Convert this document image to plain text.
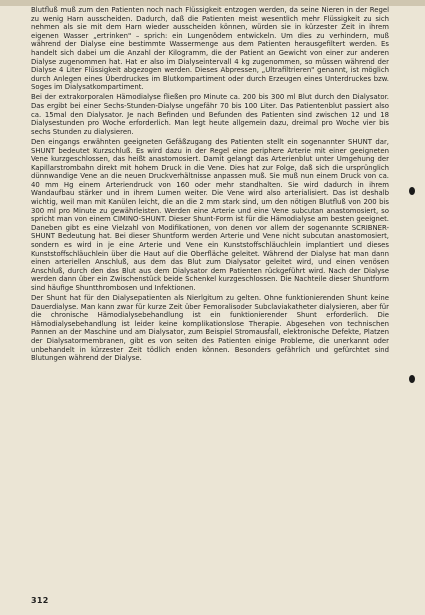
Blutfluß muß zum den Patienten noch nach Flüssigkeit entzogen werden, da seine Nieren in der Regel zu wenig Harn ausscheiden. Dadurch, daß die Patienten meist wesentlich mehr Flüssigkeit zu sich nehmen als sie mit dem Harn wieder ausscheiden können, würden sie in kürzester Zeit in ihrem eigenen Wasser „ertrinken" – sprich: ein Lungenödem entwickeln. Um dies zu verhindern, muß während der Dialyse eine bestimmte Wassermenge aus dem Patienten herausgefiltert werden. Es handelt sich dabei um die Anzahl der Kilogramm, die der Patient an Gewicht von einer zur anderen Dialyse zugenommen hat. Hat er also im Dialyseintervall 4 kg zugenommen, so müssen während der Dialyse 4 Liter Flüssigkeit abgezogen werden. Dieses Abpressen, „Ultrafiltrieren" genannt, ist möglich durch Anlegen eines Überdruckes im Blutkompartiment oder durch Erzeugen eines Unterdruckes bzw. Soges im Dialysatkompartiment.

Bei der extrakorporalen Hämodialyse fließen pro Minute ca. 200 bis 300 ml Blut durch den Dialysator. Das ergibt bei einer Sechs-Stunden-Dialyse ungefähr 70 bis 100 Liter. Das Patientenblut passiert also ca. 15mal den Dialysator. Je nach Befinden und Befunden des Patienten sind zwischen 12 und 18 Dialysestunden pro Woche erforderlich. Man legt heute allgemein dazu, dreimal pro Woche vier bis sechs Stunden zu dialysieren.

Den eingangs erwähnten geeigneten Gefäßzugang des Patienten stellt ein sogenannter SHUNT dar, SHUNT bedeutet Kurzschluß. Es wird dazu in der Regel eine periphere Arterie mit einer geeigneten Vene kurzgeschlossen, das heißt anastomosiert. Damit gelangt das Arterienblut unter Umgehung der Kapillarstrombahn direkt mit hohem Druck in die Vene. Dies hat zur Folge, daß sich die ursprünglich dünnwandige Vene an die neuen Druckverhältnisse anpassen muß. Sie muß nun einem Druck von ca. 40 mm Hg einem Arteriendruck von 160 oder mehr standhalten. Sie wird dadurch in ihrem Wandaufbau stärker und in ihrem Lumen weiter. Die Vene wird also arterialisiert. Das ist deshalb wichtig, weil man mit Kanülen leicht, die an die 2 mm stark sind, um den nötigen Blutfluß von 200 bis 300 ml pro Minute zu gewährleisten. Werden eine Arterie und eine Vene subcutan anastomosiert, so spricht man von einem CIMINO-SHUNT. Dieser Shunt-Form ist für die Hämodialyse am besten geeignet. Daneben gibt es eine Vielzahl von Modifikationen, von denen vor allem der sogenannte SCRIBNER-SHUNT Bedeutung hat. Bei dieser Shuntform werden Arterie und Vene nicht subcutan anastomosiert, sondern es wird in je eine Arterie und Vene ein Kunststoffschläuchlein implantiert und dieses Kunststoffschläuchlein über die Haut auf die Oberfläche geleitet. Während der Dialyse hat man dann einen arteriellen Anschluß, aus dem das Blut zum Dialysator geleitet wird, und einen venösen Anschluß, durch den das Blut aus dem Dialysator dem Patienten rückgeführt wird. Nach der Dialyse werden dann über ein Zwischenstück beide Schenkel kurzgeschlossen. Die Nachteile dieser Shuntform sind häufige Shuntthrombosen und Infektionen.

Der Shunt hat für den Dialysepatienten als Nierlgitum zu gelten. Ohne funktionierenden Shunt keine Dauerdialyse. Man kann zwar für kurze Zeit über Femoralisoder Subclaviakatheter dialysieren, aber für die chronische Hämodialysebehandlung ist ein funktionierender Shunt erforderlich. Die Hämodialysebehandlung ist leider keine komplikationslose Therapie. Abgesehen von technischen Pannen an der Maschine und am Dialysator, zum Beispiel Stromausfall, elektronische Defekte, Platzen der Dialysatormembranen, gibt es von seiten des Patienten einige Probleme, die unerkannt oder unbehandelt in kürzester Zeit tödlich enden können. Besonders gefährlich und gefürchtet sind Blutungen während der Dialyse.

312
